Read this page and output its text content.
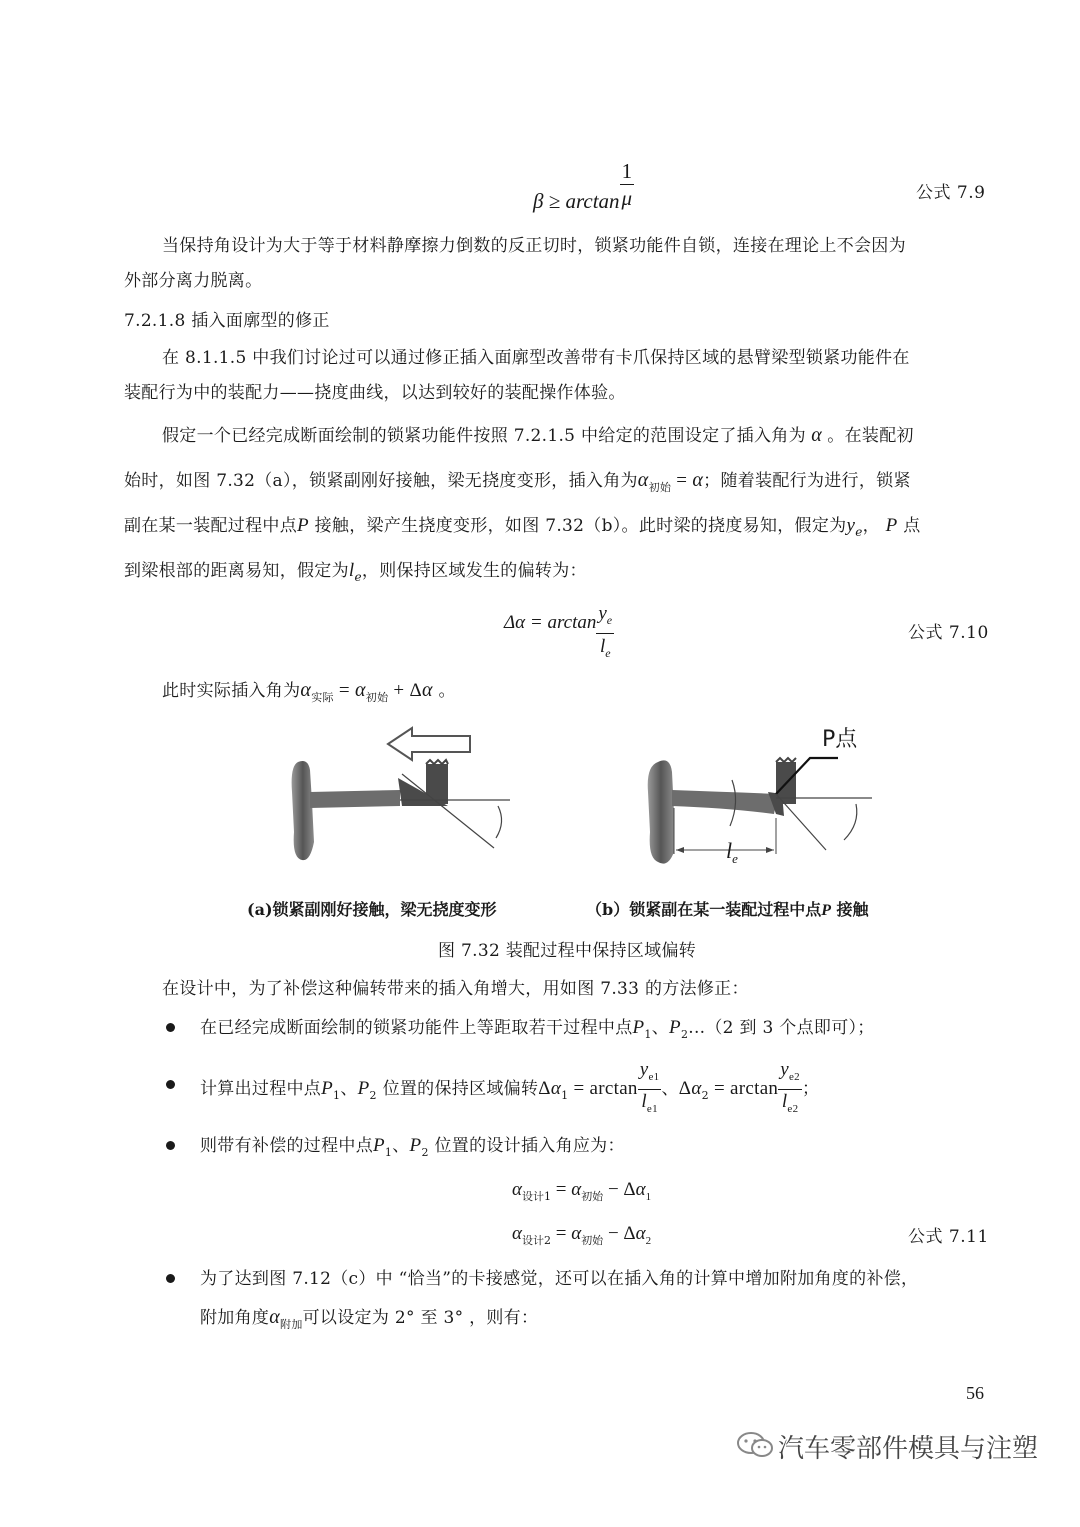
$\beta \ge \arctan \frac{1}{\mu}$	公式 7.9
当保持角设计为大于等于材料静摩擦力倒数的反正切时，锁紧功能件自锁，连接在理论上不会因为
外部分离力脱离。
7.2.1.8 插入面廓型的修正
在 8.1.1.5 中我们讨论过可以通过修正插入面廓型改善带有卡爪保持区域的悬臂梁型锁紧功能件在
装配行为中的装配力——挠度曲线，以达到较好的装配操作体验。
假定一个已经完成断面绘制的锁紧功能件按照 7.2.1.5 中给定的范围设定了插入角为 α 。在装配初
始时，如图 7.32（a），锁紧副刚好接触，梁无挠度变形，插入角为$\alpha_{初始} = \alpha$；随着装配行为进行，锁紧
副在某一装配过程中点P 接触，梁产生挠度变形，如图 7.32（b）。此时梁的挠度易知，假定为$y_e$， P 点
到梁根部的距离易知，假定为$l_e$，则保持区域发生的偏转为：
$\Delta\alpha = \arctan \frac{y_e}{l_e}$	公式 7.10
此时实际插入角为$\alpha_{实际} = \alpha_{初始} + \Delta\alpha$ 。
P点
$l_e$
(a)锁紧副刚好接触，梁无挠度变形	（b）锁紧副在某一装配过程中点P 接触
图 7.32 装配过程中保持区域偏转
在设计中，为了补偿这种偏转带来的插入角增大，用如图 7.33 的方法修正：
在已经完成断面绘制的锁紧功能件上等距取若干过程中点$P_1$、$P_2...(2$ 到 3 个点即可）；
计算出过程中点$P_1$、$P_2$ 位置的保持区域偏转$\Delta\alpha_1 = \arctan \frac{y_{e1}}{l_{e1}}$ 、$\Delta\alpha_2 = \arctan \frac{y_{e2}}{l_{e2}}$ ；
则带有补偿的过程中点$P_1$、$P_2$ 位置的设计插入角应为：
$\alpha_{设计1} = \alpha_{初始} - \Delta\alpha_1$
$\alpha_{设计2} = \alpha_{初始} - \Delta\alpha_2$	公式 7.11
为了达到图 7.12（c）中 “恰当”的卡接感觉，还可以在插入角的计算中增加附加角度的补偿，
附加角度$\alpha_{附加}$可以设定为 2° 至 3° ，则有：
56
汽车零部件模具与注塑
